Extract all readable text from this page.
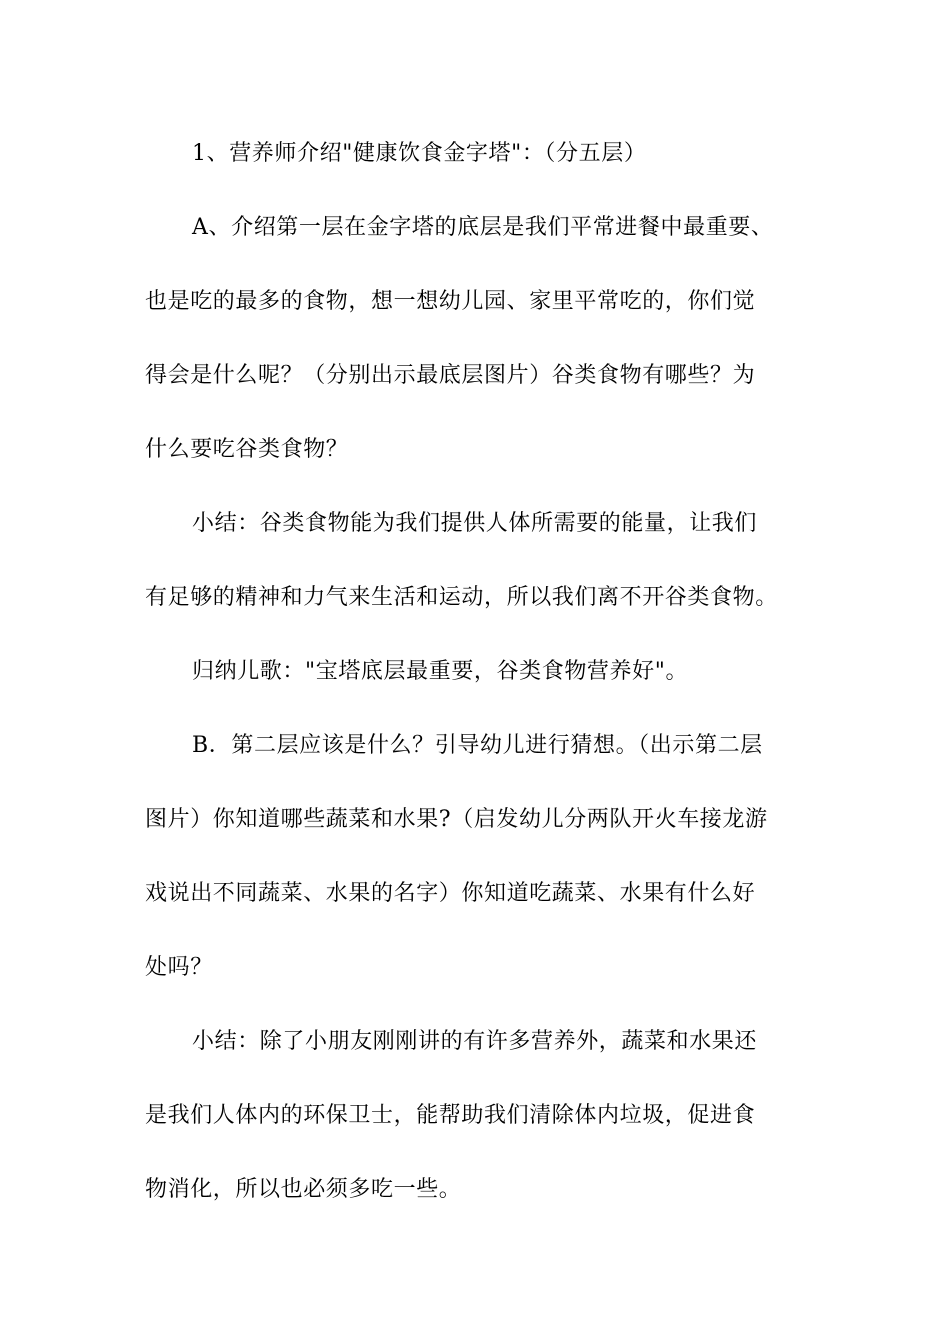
1、营养师介绍"健康饮食金字塔"：（分五层）
A、介绍第一层在金字塔的底层是我们平常进餐中最重要、
也是吃的最多的食物，想一想幼儿园、家里平常吃的，你们觉
得会是什么呢？（分别出示最底层图片）谷类食物有哪些？为
什么要吃谷类食物？
小结：谷类食物能为我们提供人体所需要的能量，让我们
有足够的精神和力气来生活和运动，所以我们离不开谷类食物。
归纳儿歌："宝塔底层最重要，谷类食物营养好"。
B．第二层应该是什么？引导幼儿进行猜想。（出示第二层
图片）你知道哪些蔬菜和水果?（启发幼儿分两队开火车接龙游
戏说出不同蔬菜、水果的名字）你知道吃蔬菜、水果有什么好
处吗？
小结：除了小朋友刚刚讲的有许多营养外，蔬菜和水果还
是我们人体内的环保卫士，能帮助我们清除体内垃圾，促进食
物消化，所以也必须多吃一些。
